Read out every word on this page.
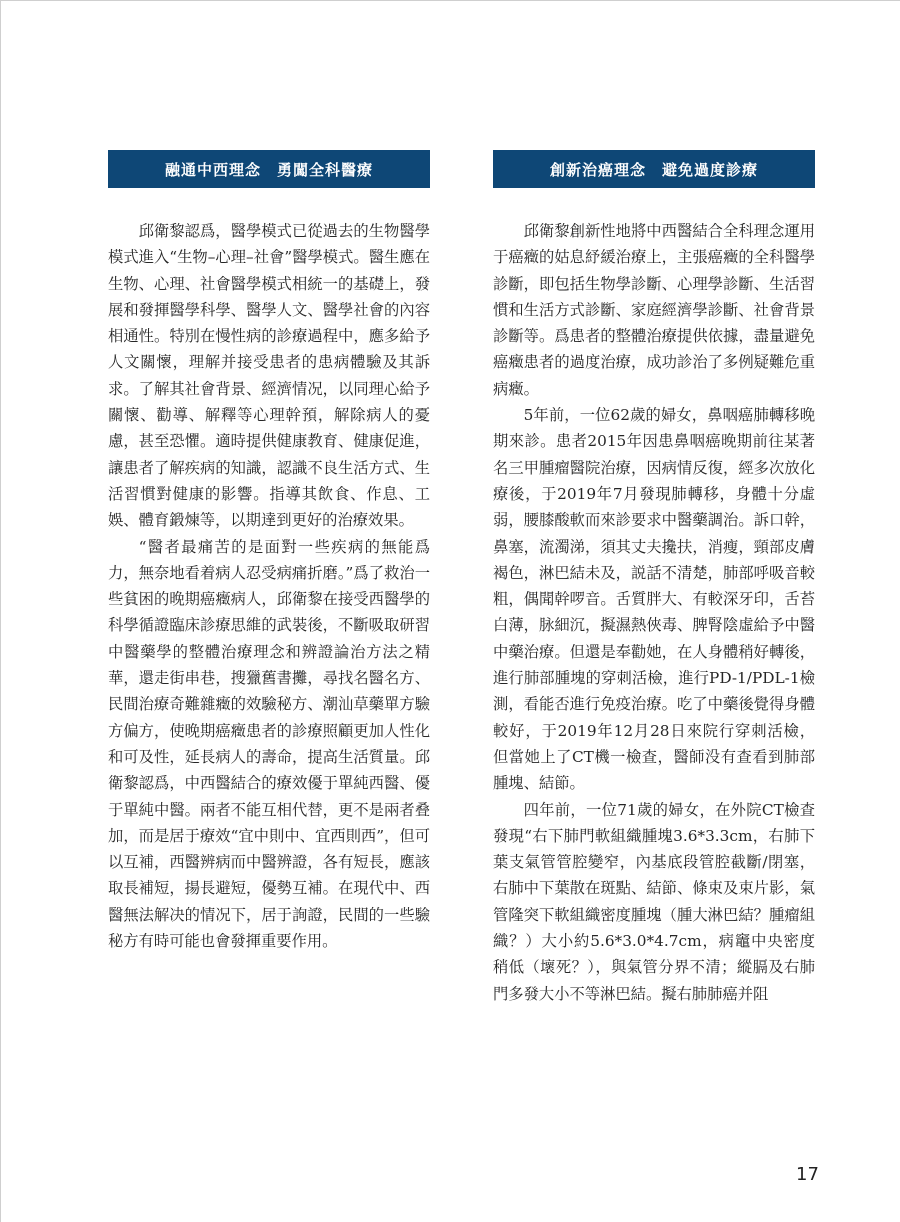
融通中西理念　勇闖全科醫療

邱衛黎認爲，醫學模式已從過去的生物醫學模式進入“生物–心理–社會”醫學模式。醫生應在生物、心理、社會醫學模式相統一的基礎上，發展和發揮醫學科學、醫學人文、醫學社會的內容相通性。特別在慢性病的診療過程中，應多給予人文關懷，理解并接受患者的患病體驗及其訴求。了解其社會背景、經濟情况，以同理心給予關懷、勸導、解釋等心理幹預，解除病人的憂慮，甚至恐懼。適時提供健康教育、健康促進，讓患者了解疾病的知識，認識不良生活方式、生活習慣對健康的影響。指導其飲食、作息、工娛、體育鍛煉等，以期達到更好的治療效果。

“醫者最痛苦的是面對一些疾病的無能爲力，無奈地看着病人忍受病痛折磨。”爲了救治一些貧困的晚期癌癥病人，邱衛黎在接受西醫學的科學循證臨床診療思維的武裝後，不斷吸取研習中醫藥學的整體治療理念和辨證論治方法之精華，還走街串巷，搜獵舊書攤，尋找名醫名方、民間治療奇難雜癥的效驗秘方、潮汕草藥單方驗方偏方，使晚期癌癥患者的診療照顧更加人性化和可及性，延長病人的壽命，提高生活質量。邱衛黎認爲，中西醫結合的療效優于單純西醫、優于單純中醫。兩者不能互相代替，更不是兩者叠加，而是居于療效“宜中則中、宜西則西”，但可以互補，西醫辨病而中醫辨證，各有短長，應該取長補短，揚長避短，優勢互補。在現代中、西醫無法解决的情况下，居于詢證，民間的一些驗秘方有時可能也會發揮重要作用。

創新治癌理念　避免過度診療

邱衛黎創新性地將中西醫結合全科理念運用于癌癥的姑息紓緩治療上，主張癌癥的全科醫學診斷，即包括生物學診斷、心理學診斷、生活習慣和生活方式診斷、家庭經濟學診斷、社會背景診斷等。爲患者的整體治療提供依據，盡量避免癌癥患者的過度治療，成功診治了多例疑難危重病癥。

5年前，一位62歲的婦女，鼻咽癌肺轉移晚期來診。患者2015年因患鼻咽癌晚期前往某著名三甲腫瘤醫院治療，因病情反復，經多次放化療後，于2019年7月發現肺轉移，身體十分虛弱，腰膝酸軟而來診要求中醫藥調治。訴口幹，鼻塞，流濁涕，須其丈夫攙扶，消瘦，頸部皮膚褐色，淋巴結未及，説話不清楚，肺部呼吸音較粗，偶聞幹啰音。舌質胖大、有較深牙印，舌苔白薄，脉細沉，擬濕熱俠毒、脾腎陰虛給予中醫中藥治療。但還是奉勸她，在人身體稍好轉後，進行肺部腫塊的穿刺活檢，進行PD-1/PDL-1檢測，看能否進行免疫治療。吃了中藥後覺得身體較好，于2019年12月28日來院行穿刺活檢，但當她上了CT機一檢查，醫師没有查看到肺部腫塊、結節。

四年前，一位71歲的婦女，在外院CT檢查發現“右下肺門軟組織腫塊3.6*3.3cm，右肺下葉支氣管管腔變窄，內基底段管腔截斷/閉塞，右肺中下葉散在斑點、結節、條束及束片影，氣管隆突下軟組織密度腫塊（腫大淋巴結？腫瘤組織？）大小約5.6*3.0*4.7cm，病竈中央密度稍低（壞死？），與氣管分界不清；縱膈及右肺門多發大小不等淋巴結。擬右肺肺癌并阻

17
